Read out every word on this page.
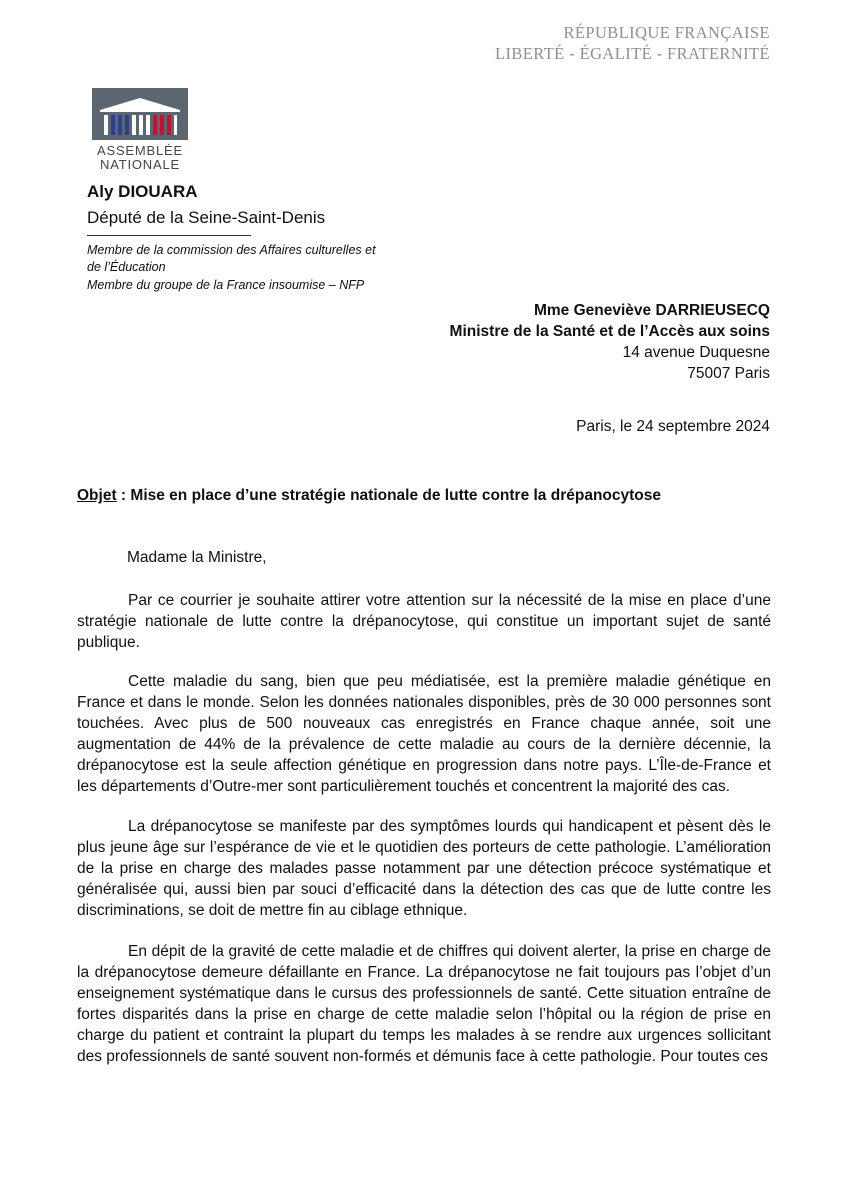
RÉPUBLIQUE FRANÇAISE
LIBERTÉ - ÉGALITÉ - FRATERNITÉ
ASSEMBLÉE
NATIONALE
Aly DIOUARA
Député de la Seine-Saint-Denis
Membre de la commission des Affaires culturelles et
de l’Éducation
Membre du groupe de la France insoumise – NFP
Mme Geneviève DARRIEUSECQ
Ministre de la Santé et de l’Accès aux soins
14 avenue Duquesne
75007 Paris
Paris, le 24 septembre 2024
Objet : Mise en place d’une stratégie nationale de lutte contre la drépanocytose
Madame la Ministre,

Par ce courrier je souhaite attirer votre attention sur la nécessité de la mise en place d’une stratégie nationale de lutte contre la drépanocytose, qui constitue un important sujet de santé publique.

Cette maladie du sang, bien que peu médiatisée, est la première maladie génétique en France et dans le monde. Selon les données nationales disponibles, près de 30 000 personnes sont touchées. Avec plus de 500 nouveaux cas enregistrés en France chaque année, soit une augmentation de 44% de la prévalence de cette maladie au cours de la dernière décennie, la drépanocytose est la seule affection génétique en progression dans notre pays. L’Île-de-France et les départements d’Outre-mer sont particulièrement touchés et concentrent la majorité des cas.

La drépanocytose se manifeste par des symptômes lourds qui handicapent et pèsent dès le plus jeune âge sur l’espérance de vie et le quotidien des porteurs de cette pathologie. L’amélioration de la prise en charge des malades passe notamment par une détection précoce systématique et généralisée qui, aussi bien par souci d’efficacité dans la détection des cas que de lutte contre les discriminations, se doit de mettre fin au ciblage ethnique.

En dépit de la gravité de cette maladie et de chiffres qui doivent alerter, la prise en charge de la drépanocytose demeure défaillante en France. La drépanocytose ne fait toujours pas l’objet d’un enseignement systématique dans le cursus des professionnels de santé. Cette situation entraîne de fortes disparités dans la prise en charge de cette maladie selon l’hôpital ou la région de prise en charge du patient et contraint la plupart du temps les malades à se rendre aux urgences sollicitant des professionnels de santé souvent non-formés et démunis face à cette pathologie. Pour toutes ces
